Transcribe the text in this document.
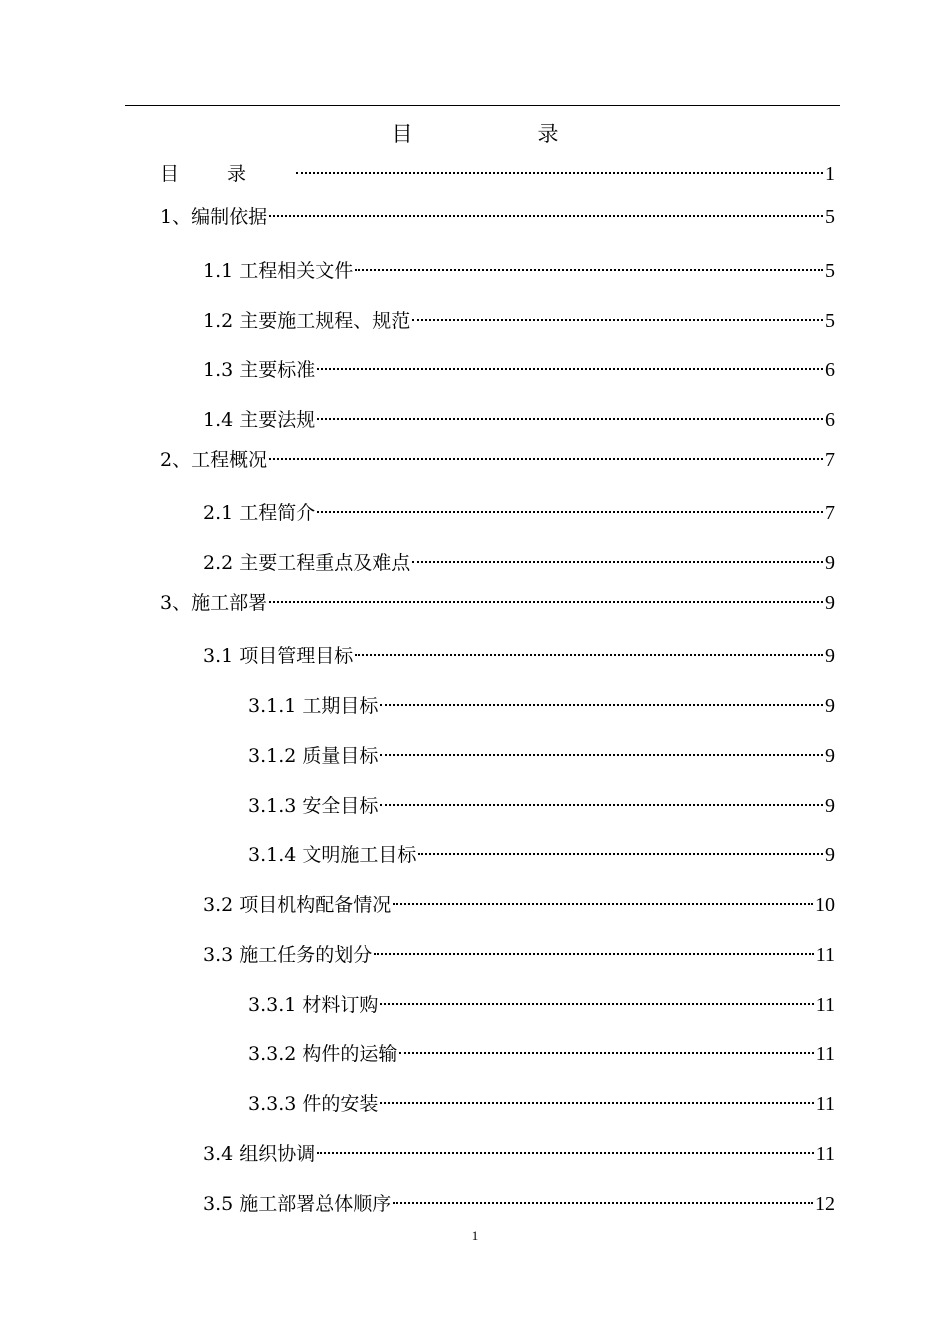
目　录
目录	1
1、编制依据	5
1.1 工程相关文件	5
1.2 主要施工规程、规范	5
1.3 主要标准	6
1.4 主要法规	6
2、工程概况	7
2.1 工程简介	7
2.2 主要工程重点及难点	9
3、施工部署	9
3.1 项目管理目标	9
3.1.1 工期目标	9
3.1.2 质量目标	9
3.1.3 安全目标	9
3.1.4 文明施工目标	9
3.2 项目机构配备情况	10
3.3 施工任务的划分	11
3.3.1 材料订购	11
3.3.2 构件的运输	11
3.3.3 件的安装	11
3.4 组织协调	11
3.5 施工部署总体顺序	12
1
